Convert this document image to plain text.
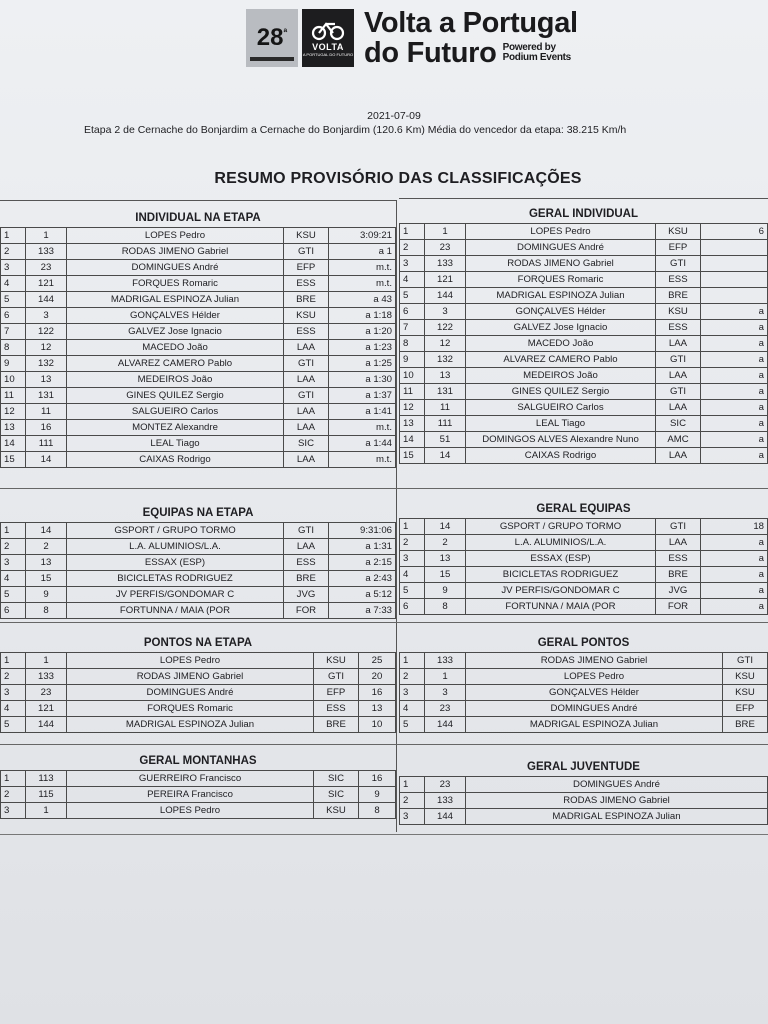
$28^ª$
VOLTA
A PORTUGAL DO FUTURO
Volta a Portugal
do Futuro Powered by
Podium Events
2021-07-09
Etapa 2 de Cernache do Bonjardim a Cernache do Bonjardim (120.6 Km) Média do vencedor da etapa: 38.215 Km/h
RESUMO PROVISÓRIO DAS CLASSIFICAÇÕES
INDIVIDUAL NA ETAPA
1	1	LOPES Pedro	KSU	3:09:21
2	133	RODAS JIMENO Gabriel	GTI	a 1
3	23	DOMINGUES André	EFP	m.t.
4	121	FORQUES Romaric	ESS	m.t.
5	144	MADRIGAL ESPINOZA Julian	BRE	a 43
6	3	GONÇALVES Hélder	KSU	a 1:18
7	122	GALVEZ Jose Ignacio	ESS	a 1:20
8	12	MACEDO João	LAA	a 1:23
9	132	ALVAREZ CAMERO Pablo	GTI	a 1:25
10	13	MEDEIROS João	LAA	a 1:30
11	131	GINES QUILEZ Sergio	GTI	a 1:37
12	11	SALGUEIRO Carlos	LAA	a 1:41
13	16	MONTEZ Alexandre	LAA	m.t.
14	111	LEAL Tiago	SIC	a 1:44
15	14	CAIXAS Rodrigo	LAA	m.t.
GERAL INDIVIDUAL
1	1	LOPES Pedro	KSU	6
2	23	DOMINGUES André	EFP	
3	133	RODAS JIMENO Gabriel	GTI	
4	121	FORQUES Romaric	ESS	
5	144	MADRIGAL ESPINOZA Julian	BRE	
6	3	GONÇALVES Hélder	KSU	a
7	122	GALVEZ Jose Ignacio	ESS	a
8	12	MACEDO João	LAA	a
9	132	ALVAREZ CAMERO Pablo	GTI	a
10	13	MEDEIROS João	LAA	a
11	131	GINES QUILEZ Sergio	GTI	a
12	11	SALGUEIRO Carlos	LAA	a
13	111	LEAL Tiago	SIC	a
14	51	DOMINGOS ALVES Alexandre Nuno	AMC	a
15	14	CAIXAS Rodrigo	LAA	a
EQUIPAS NA ETAPA
1	14	GSPORT / GRUPO TORMO	GTI	9:31:06
2	2	L.A. ALUMINIOS/L.A.	LAA	a 1:31
3	13	ESSAX (ESP)	ESS	a 2:15
4	15	BICICLETAS RODRIGUEZ	BRE	a 2:43
5	9	JV PERFIS/GONDOMAR C	JVG	a 5:12
6	8	FORTUNNA / MAIA (POR	FOR	a 7:33
GERAL EQUIPAS
1	14	GSPORT / GRUPO TORMO	GTI	18
2	2	L.A. ALUMINIOS/L.A.	LAA	a
3	13	ESSAX (ESP)	ESS	a
4	15	BICICLETAS RODRIGUEZ	BRE	a
5	9	JV PERFIS/GONDOMAR C	JVG	a
6	8	FORTUNNA / MAIA (POR	FOR	a
PONTOS NA ETAPA
1	1	LOPES Pedro	KSU	25
2	133	RODAS JIMENO Gabriel	GTI	20
3	23	DOMINGUES André	EFP	16
4	121	FORQUES Romaric	ESS	13
5	144	MADRIGAL ESPINOZA Julian	BRE	10
GERAL PONTOS
1	133	RODAS JIMENO Gabriel	GTI
2	1	LOPES Pedro	KSU
3	3	GONÇALVES Hélder	KSU
4	23	DOMINGUES André	EFP
5	144	MADRIGAL ESPINOZA Julian	BRE
GERAL MONTANHAS
1	113	GUERREIRO Francisco	SIC	16
2	115	PEREIRA Francisco	SIC	9
3	1	LOPES Pedro	KSU	8
GERAL JUVENTUDE
1	23	DOMINGUES André
2	133	RODAS JIMENO Gabriel
3	144	MADRIGAL ESPINOZA Julian
